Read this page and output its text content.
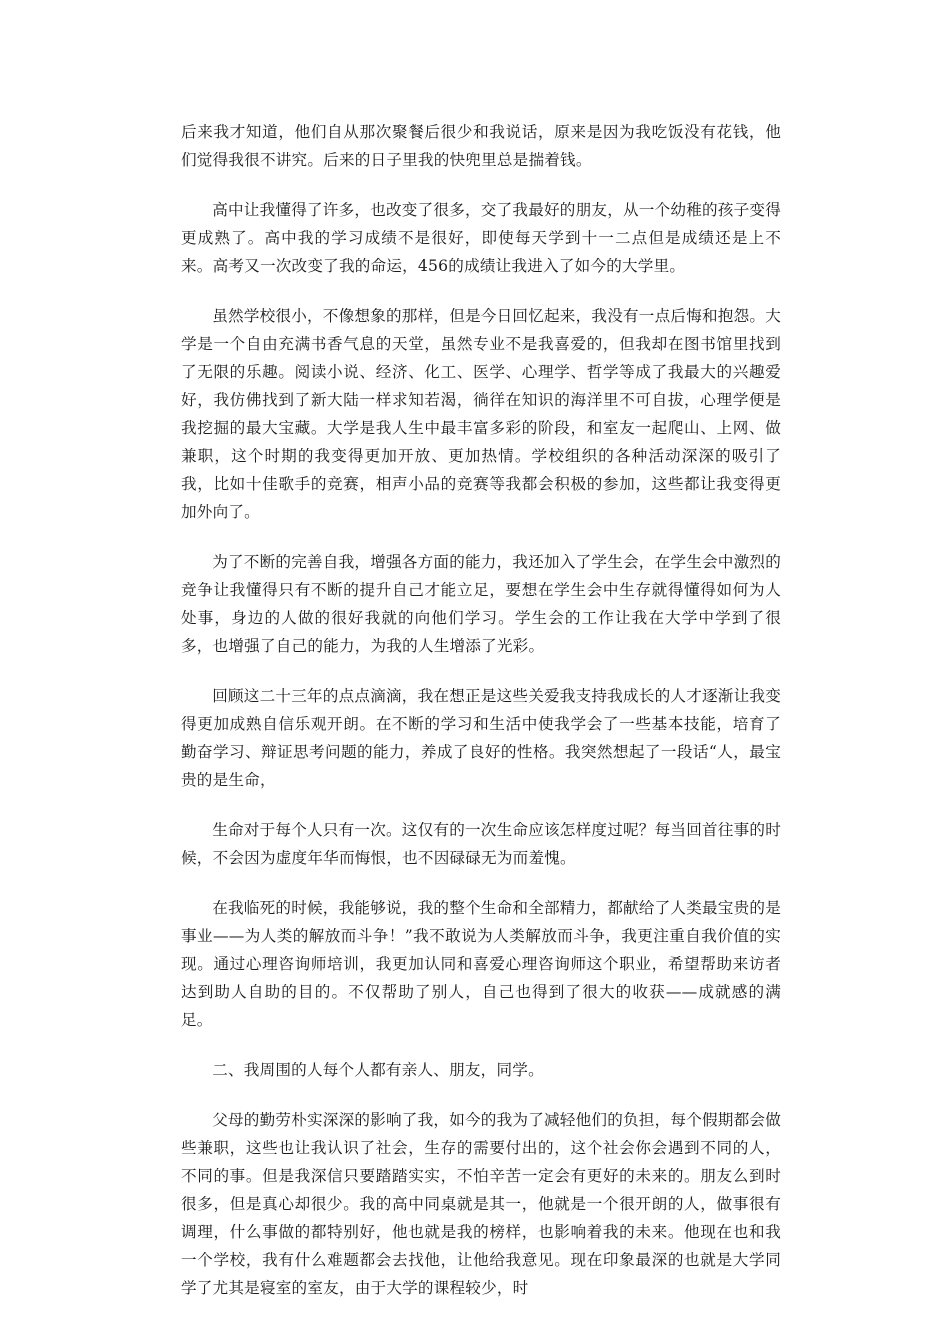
后来我才知道，他们自从那次聚餐后很少和我说话，原来是因为我吃饭没有花钱，他们觉得我很不讲究。后来的日子里我的快兜里总是揣着钱。

高中让我懂得了许多，也改变了很多，交了我最好的朋友，从一个幼稚的孩子变得更成熟了。高中我的学习成绩不是很好，即使每天学到十一二点但是成绩还是上不来。高考又一次改变了我的命运，456的成绩让我进入了如今的大学里。

虽然学校很小，不像想象的那样，但是今日回忆起来，我没有一点后悔和抱怨。大学是一个自由充满书香气息的天堂，虽然专业不是我喜爱的，但我却在图书馆里找到了无限的乐趣。阅读小说、经济、化工、医学、心理学、哲学等成了我最大的兴趣爱好，我仿佛找到了新大陆一样求知若渴，徜徉在知识的海洋里不可自拔，心理学便是我挖掘的最大宝藏。大学是我人生中最丰富多彩的阶段，和室友一起爬山、上网、做兼职，这个时期的我变得更加开放、更加热情。学校组织的各种活动深深的吸引了我，比如十佳歌手的竞赛，相声小品的竞赛等我都会积极的参加，这些都让我变得更加外向了。

为了不断的完善自我，增强各方面的能力，我还加入了学生会，在学生会中激烈的竞争让我懂得只有不断的提升自己才能立足，要想在学生会中生存就得懂得如何为人处事，身边的人做的很好我就的向他们学习。学生会的工作让我在大学中学到了很多，也增强了自己的能力，为我的人生增添了光彩。

回顾这二十三年的点点滴滴，我在想正是这些关爱我支持我成长的人才逐渐让我变得更加成熟自信乐观开朗。在不断的学习和生活中使我学会了一些基本技能，培育了勤奋学习、辩证思考问题的能力，养成了良好的性格。我突然想起了一段话“人，最宝贵的是生命，

生命对于每个人只有一次。这仅有的一次生命应该怎样度过呢？每当回首往事的时候，不会因为虚度年华而悔恨，也不因碌碌无为而羞愧。

在我临死的时候，我能够说，我的整个生命和全部精力，都献给了人类最宝贵的是事业——为人类的解放而斗争！”我不敢说为人类解放而斗争，我更注重自我价值的实现。通过心理咨询师培训，我更加认同和喜爱心理咨询师这个职业，希望帮助来访者达到助人自助的目的。不仅帮助了别人，自己也得到了很大的收获——成就感的满足。

二、我周围的人每个人都有亲人、朋友，同学。

父母的勤劳朴实深深的影响了我，如今的我为了减轻他们的负担，每个假期都会做些兼职，这些也让我认识了社会，生存的需要付出的，这个社会你会遇到不同的人，不同的事。但是我深信只要踏踏实实，不怕辛苦一定会有更好的未来的。朋友么到时很多，但是真心却很少。我的高中同桌就是其一，他就是一个很开朗的人，做事很有调理，什么事做的都特别好，他也就是我的榜样，也影响着我的未来。他现在也和我一个学校，我有什么难题都会去找他，让他给我意见。现在印象最深的也就是大学同学了尤其是寝室的室友，由于大学的课程较少，时
